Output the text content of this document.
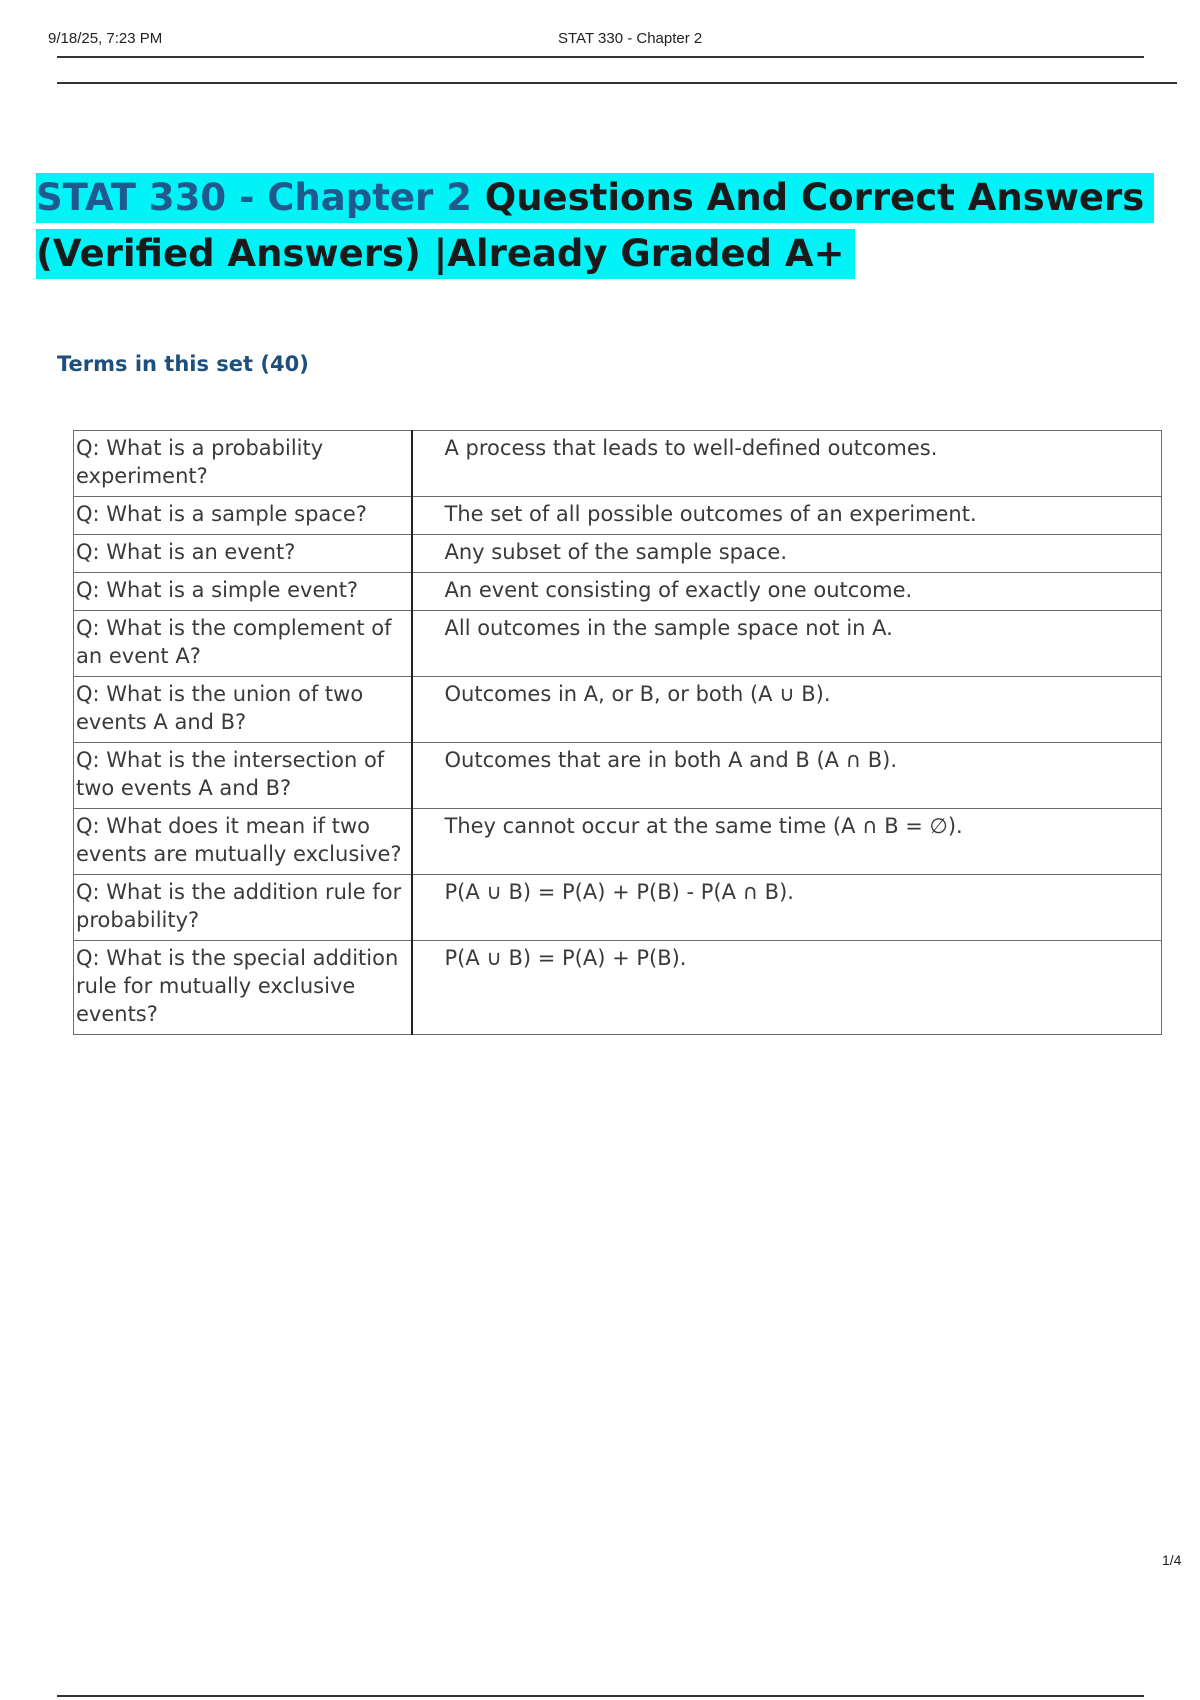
9/18/25, 7:23 PM	STAT 330 - Chapter 2
STAT 330 - Chapter 2 Questions And Correct Answers
(Verified Answers) |Already Graded A+
Terms in this set (40)
Q: What is a probability experiment?	A process that leads to well-defined outcomes.
Q: What is a sample space?	The set of all possible outcomes of an experiment.
Q: What is an event?	Any subset of the sample space.
Q: What is a simple event?	An event consisting of exactly one outcome.
Q: What is the complement of an event A?	All outcomes in the sample space not in A.
Q: What is the union of two events A and B?	Outcomes in A, or B, or both (A ∪ B).
Q: What is the intersection of two events A and B?	Outcomes that are in both A and B (A ∩ B).
Q: What does it mean if two events are mutually exclusive?	They cannot occur at the same time (A ∩ B = ∅).
Q: What is the addition rule for probability?	P(A ∪ B) = P(A) + P(B) - P(A ∩ B).
Q: What is the special addition rule for mutually exclusive events?	P(A ∪ B) = P(A) + P(B).
1/4
